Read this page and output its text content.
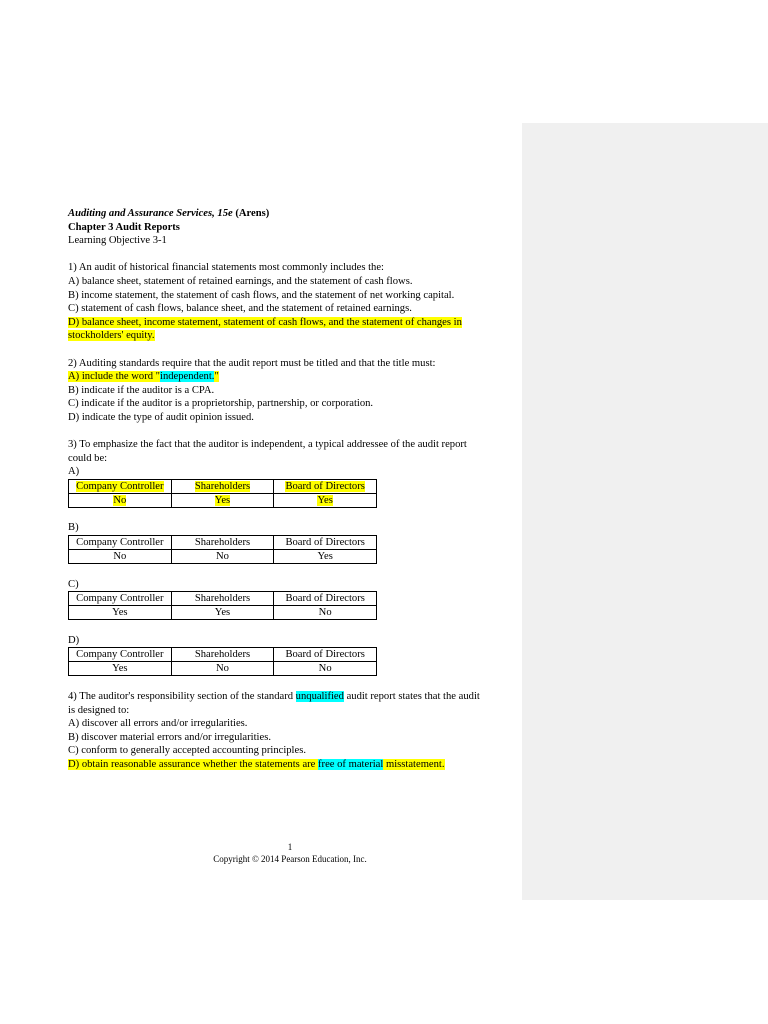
Auditing and Assurance Services, 15e (Arens)

Chapter 3 Audit Reports

Learning Objective 3-1

1) An audit of historical financial statements most commonly includes the:

A) balance sheet, statement of retained earnings, and the statement of cash flows.

B) income statement, the statement of cash flows, and the statement of net working capital.

C) statement of cash flows, balance sheet, and the statement of retained earnings.

D) balance sheet, income statement, statement of cash flows, and the statement of changes in

stockholders' equity.

2) Auditing standards require that the audit report must be titled and that the title must:

A) include the word "independent."

B) indicate if the auditor is a CPA.

C) indicate if the auditor is a proprietorship, partnership, or corporation.

D) indicate the type of audit opinion issued.

3) To emphasize the fact that the auditor is independent, a typical addressee of the audit report

could be:

A)

Company Controller	Shareholders	Board of Directors
No	Yes	Yes

B)

Company Controller	Shareholders	Board of Directors
No	No	Yes

C)

Company Controller	Shareholders	Board of Directors
Yes	Yes	No

D)

Company Controller	Shareholders	Board of Directors
Yes	No	No

4) The auditor's responsibility section of the standard unqualified audit report states that the audit

is designed to:

A) discover all errors and/or irregularities.

B) discover material errors and/or irregularities.

C) conform to generally accepted accounting principles.

D) obtain reasonable assurance whether the statements are free of material misstatement.

1
Copyright © 2014 Pearson Education, Inc.
